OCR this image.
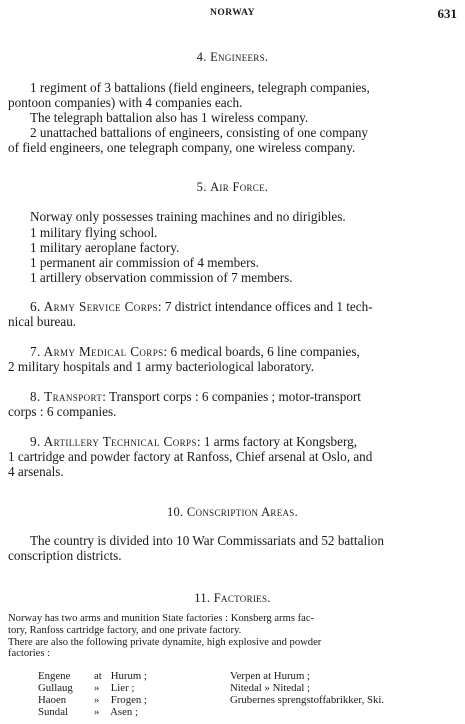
NORWAY	631
4. Engineers.
1 regiment of 3 battalions (field engineers, telegraph companies,
pontoon companies) with 4 companies each.
The telegraph battalion also has 1 wireless company.
2 unattached battalions of engineers, consisting of one company
of field engineers, one telegraph company, one wireless company.
5. Air Force.
Norway only possesses training machines and no dirigibles.
1 military flying school.
1 military aeroplane factory.
1 permanent air commission of 4 members.
1 artillery observation commission of 7 members.
6. Army Service Corps: 7 district intendance offices and 1 tech-
nical bureau.
7. Army Medical Corps: 6 medical boards, 6 line companies,
2 military hospitals and 1 army bacteriological laboratory.
8. Transport: Transport corps : 6 companies ; motor-transport
corps : 6 companies.
9. Artillery Technical Corps: 1 arms factory at Kongsberg,
1 cartridge and powder factory at Ranfoss, Chief arsenal at Oslo, and
4 arsenals.
10. Conscription Areas.
The country is divided into 10 War Commissariats and 52 battalion
conscription districts.
11. Factories.
Norway has two arms and munition State factories : Konsberg arms fac-
tory, Ranfoss cartridge factory, and one private factory.
There are also the following private dynamite, high explosive and powder
factories :
Engene at Hurum ;
Gullaug » Lier ;
Haoen	» Frogen ;
Sundal » Asen ;
Verpen at Hurum ;
Nitedal » Nitedal ;
Grubernes sprengstoffabrikker, Ski.
